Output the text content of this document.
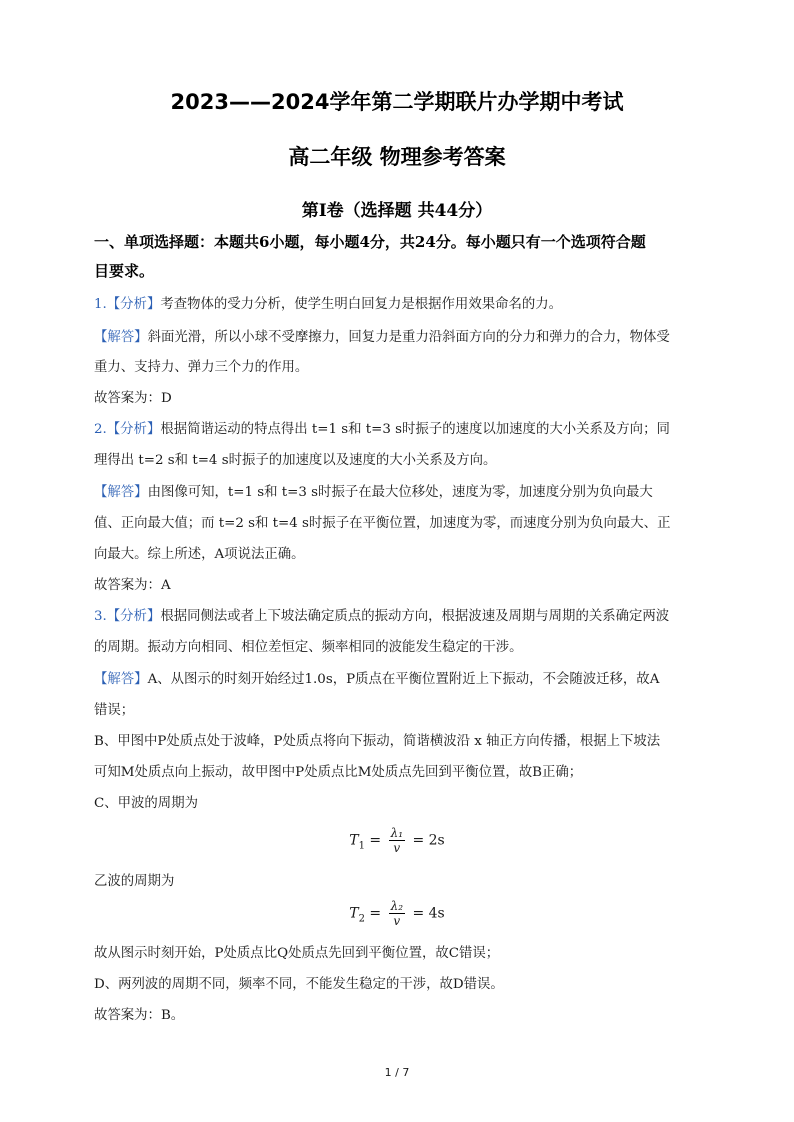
2023——2024学年第二学期联片办学期中考试
高二年级 物理参考答案
第Ⅰ卷（选择题 共44分）
一、单项选择题：本题共6小题，每小题4分，共24分。每小题只有一个选项符合题
目要求。
1.【分析】考查物体的受力分析，使学生明白回复力是根据作用效果命名的力。
【解答】斜面光滑，所以小球不受摩擦力，回复力是重力沿斜面方向的分力和弹力的合力，物体受
重力、支持力、弹力三个力的作用。
故答案为：D
2.【分析】根据简谐运动的特点得出 t=1 s和 t=3 s时振子的速度以加速度的大小关系及方向；同
理得出 t=2 s和 t=4 s时振子的加速度以及速度的大小关系及方向。
【解答】由图像可知，t=1 s和 t=3 s时振子在最大位移处，速度为零，加速度分别为负向最大
值、正向最大值；而 t=2 s和 t=4 s时振子在平衡位置，加速度为零，而速度分别为负向最大、正
向最大。综上所述，A项说法正确。
故答案为：A
3.【分析】根据同侧法或者上下坡法确定质点的振动方向，根据波速及周期与周期的关系确定两波
的周期。振动方向相同、相位差恒定、频率相同的波能发生稳定的干涉。
【解答】A、从图示的时刻开始经过1.0s，P质点在平衡位置附近上下振动，不会随波迁移，故A
错误；
B、甲图中P处质点处于波峰，P处质点将向下振动，简谐横波沿 x 轴正方向传播，根据上下坡法
可知M处质点向上振动，故甲图中P处质点比M处质点先回到平衡位置，故B正确；
C、甲波的周期为
$T_1 = \frac{\text{λ₁}}{v} = 2s$
乙波的周期为
$T_2 = \frac{\text{λ₂}}{v} = 4s$
故从图示时刻开始，P处质点比Q处质点先回到平衡位置，故C错误；
D、两列波的周期不同，频率不同，不能发生稳定的干涉，故D错误。
故答案为：B。
1 / 7
